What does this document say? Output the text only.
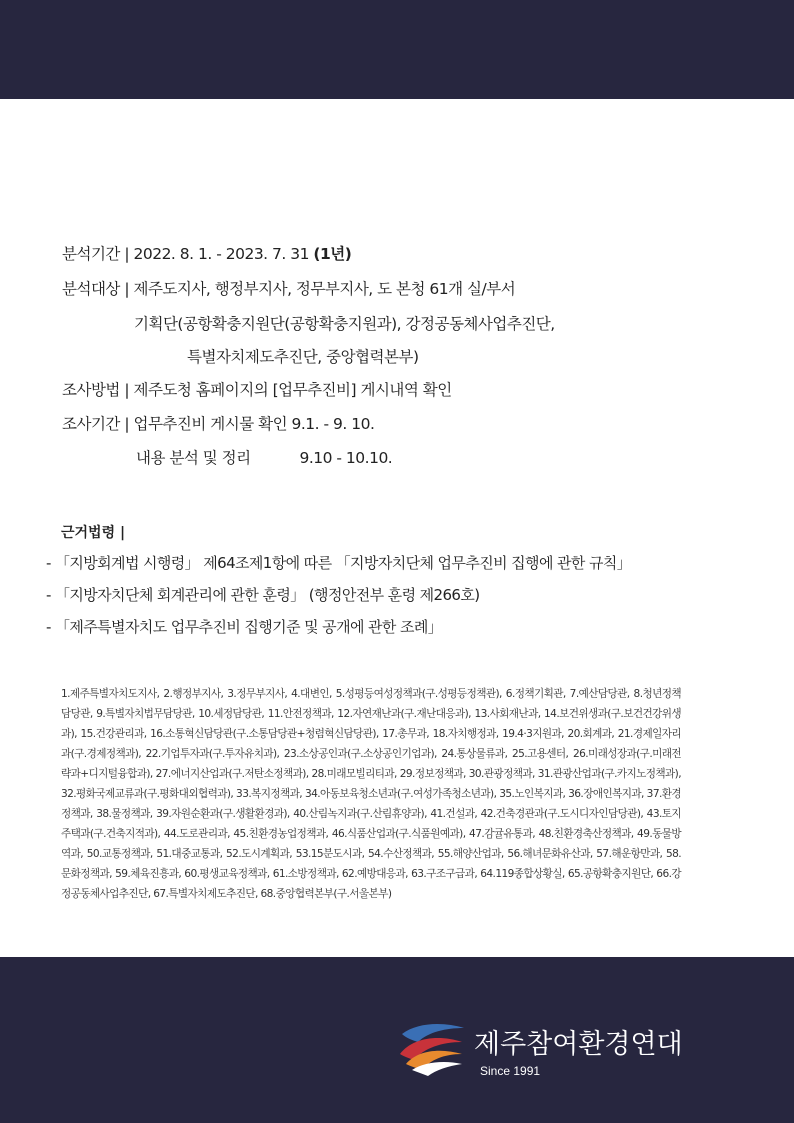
분석기간 | 2022. 8. 1. - 2023. 7. 31 (1년)
분석대상 | 제주도지사, 행정부지사, 정무부지사, 도 본청 61개 실/부서
기획단(공항확충지원단(공항확충지원과), 강정공동체사업추진단,
특별자치제도추진단, 중앙협력본부)
조사방법 | 제주도청 홈페이지의 [업무추진비] 게시내역 확인
조사기간 | 업무추진비 게시물 확인 9.1. - 9. 10.
내용 분석 및 정리	9.10 - 10.10.
근거법령 |
- 「지방회계법 시행령」 제64조제1항에 따른 「지방자치단체 업무추진비 집행에 관한 규칙」
- 「지방자치단체 회계관리에 관한 훈령」 (행정안전부 훈령 제266호)
- 「제주특별자치도 업무추진비 집행기준 및 공개에 관한 조례」
1.제주특별자치도지사, 2.행정부지사, 3.정무부지사, 4.대변인, 5.성평등여성정책과(구.성평등정책관), 6.정책기획관, 7.예산담당관, 8.청년정책담당관, 9.특별자치법무담당관, 10.세정담당관, 11.안전정책과, 12.자연재난과(구.재난대응과), 13.사회재난과, 14.보건위생과(구.보건건강위생과), 15.건강관리과, 16.소통혁신담당관(구.소통담당관+청렴혁신담당관), 17.총무과, 18.자치행정과, 19.4·3지원과, 20.회계과, 21.경제일자리과(구.경제정책과), 22.기업투자과(구.투자유치과), 23.소상공인과(구.소상공인기업과), 24.통상물류과, 25.고용센터, 26.미래성장과(구.미래전략과+디지털융합과), 27.에너지산업과(구.저탄소정책과), 28.미래모빌리티과, 29.정보정책과, 30.관광정책과, 31.관광산업과(구.카지노정책과), 32.평화국제교류과(구.평화대외협력과), 33.복지정책과, 34.아동보육청소년과(구.여성가족청소년과), 35.노인복지과, 36.장애인복지과, 37.환경정책과, 38.물정책과, 39.자원순환과(구.생활환경과), 40.산림녹지과(구.산림휴양과), 41.건설과, 42.건축경관과(구.도시디자인담당관), 43.토지주택과(구.건축지적과), 44.도로관리과, 45.친환경농업정책과, 46.식품산업과(구.식품원예과), 47.감귤유통과, 48.친환경축산정책과, 49.동물방역과, 50.교통정책과, 51.대중교통과, 52.도시계획과, 53.15분도시과, 54.수산정책과, 55.해양산업과, 56.해녀문화유산과, 57.해운항만과, 58.문화정책과, 59.체육진흥과, 60.평생교육정책과, 61.소방정책과, 62.예방대응과, 63.구조구급과, 64.119종합상황실, 65.공항확충지원단, 66.강정공동체사업추진단, 67.특별자치제도추진단, 68.중앙협력본부(구.서울본부)
제주참여환경연대
Since 1991
